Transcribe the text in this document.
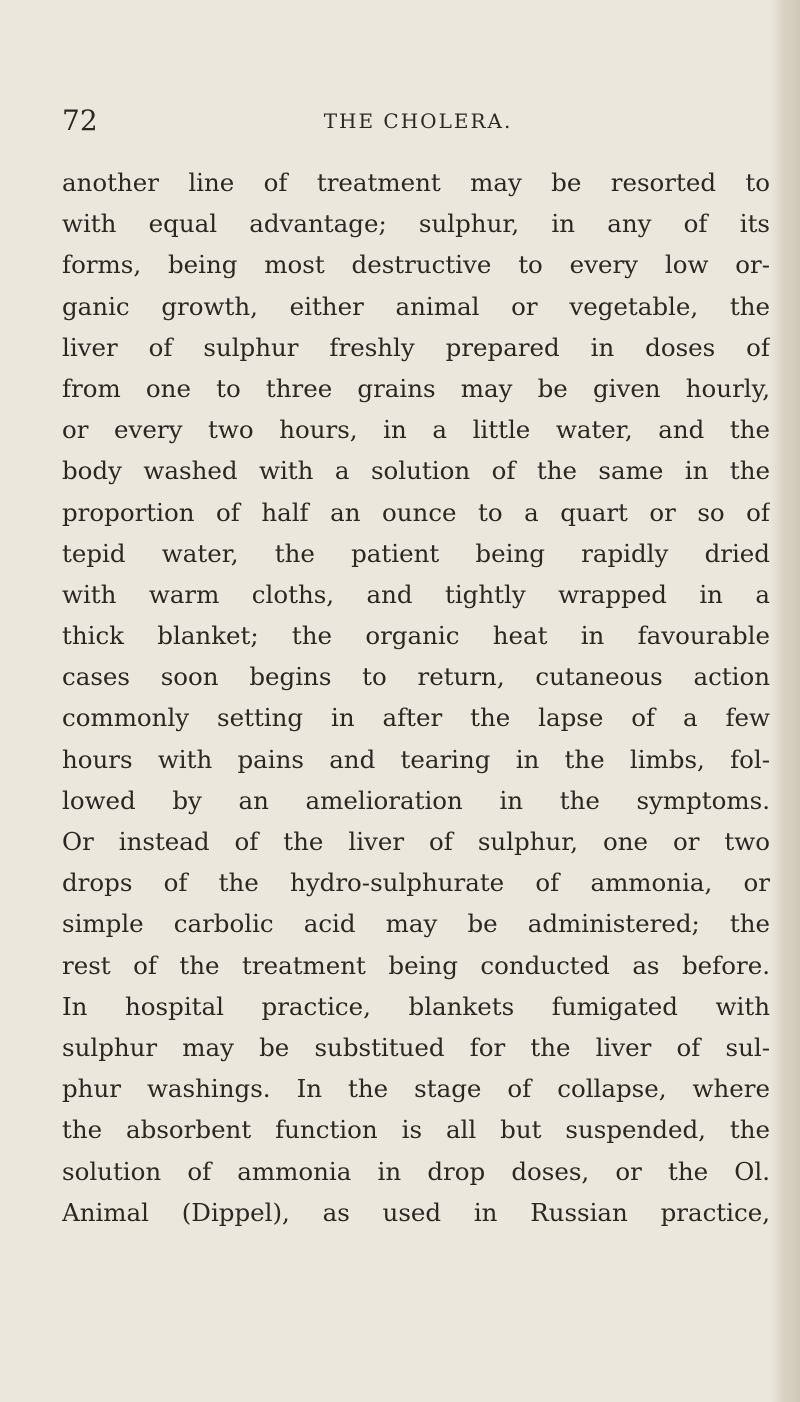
72	THE CHOLERA.
another line of treatment may be resorted to
with equal advantage; sulphur, in any of its
forms, being most destructive to every low or-
ganic growth, either animal or vegetable, the
liver of sulphur freshly prepared in doses of
from one to three grains may be given hourly,
or every two hours, in a little water, and the
body washed with a solution of the same in the
proportion of half an ounce to a quart or so of
tepid water, the patient being rapidly dried
with warm cloths, and tightly wrapped in a
thick blanket; the organic heat in favourable
cases soon begins to return, cutaneous action
commonly setting in after the lapse of a few
hours with pains and tearing in the limbs, fol-
lowed by an amelioration in the symptoms.
Or instead of the liver of sulphur, one or two
drops of the hydro-sulphurate of ammonia, or
simple carbolic acid may be administered; the
rest of the treatment being conducted as before.
In hospital practice, blankets fumigated with
sulphur may be substitued for the liver of sul-
phur washings. In the stage of collapse, where
the absorbent function is all but suspended, the
solution of ammonia in drop doses, or the Ol.
Animal (Dippel), as used in Russian practice,
